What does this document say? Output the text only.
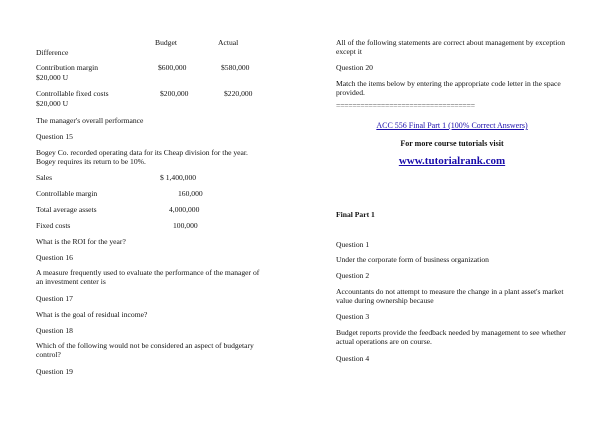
Budget	Actual
Difference
Contribution margin	$600,000	$580,000
$20,000 U
Controllable fixed costs	$200,000	$220,000
$20,000 U
The manager's overall performance
Question 15
Bogey Co. recorded operating data for its Cheap division for the year. Bogey requires its return to be 10%.
Sales	$ 1,400,000
Controllable margin	160,000
Total average assets	4,000,000
Fixed costs	100,000
What is the ROI for the year?
Question 16
A measure frequently used to evaluate the performance of the manager of an investment center is
Question 17
What is the goal of residual income?
Question 18
Which of the following would not be considered an aspect of budgetary control?
Question 19
All of the following statements are correct about management by exception except it
Question 20
Match the items below by entering the appropriate code letter in the space provided.
==================================
ACC 556 Final Part 1 (100% Correct Answers)
For more course tutorials visit
www.tutorialrank.com
Final Part 1
Question 1
Under the corporate form of business organization
Question 2
Accountants do not attempt to measure the change in a plant asset's market value during ownership because
Question 3
Budget reports provide the feedback needed by management to see whether actual operations are on course.
Question 4
